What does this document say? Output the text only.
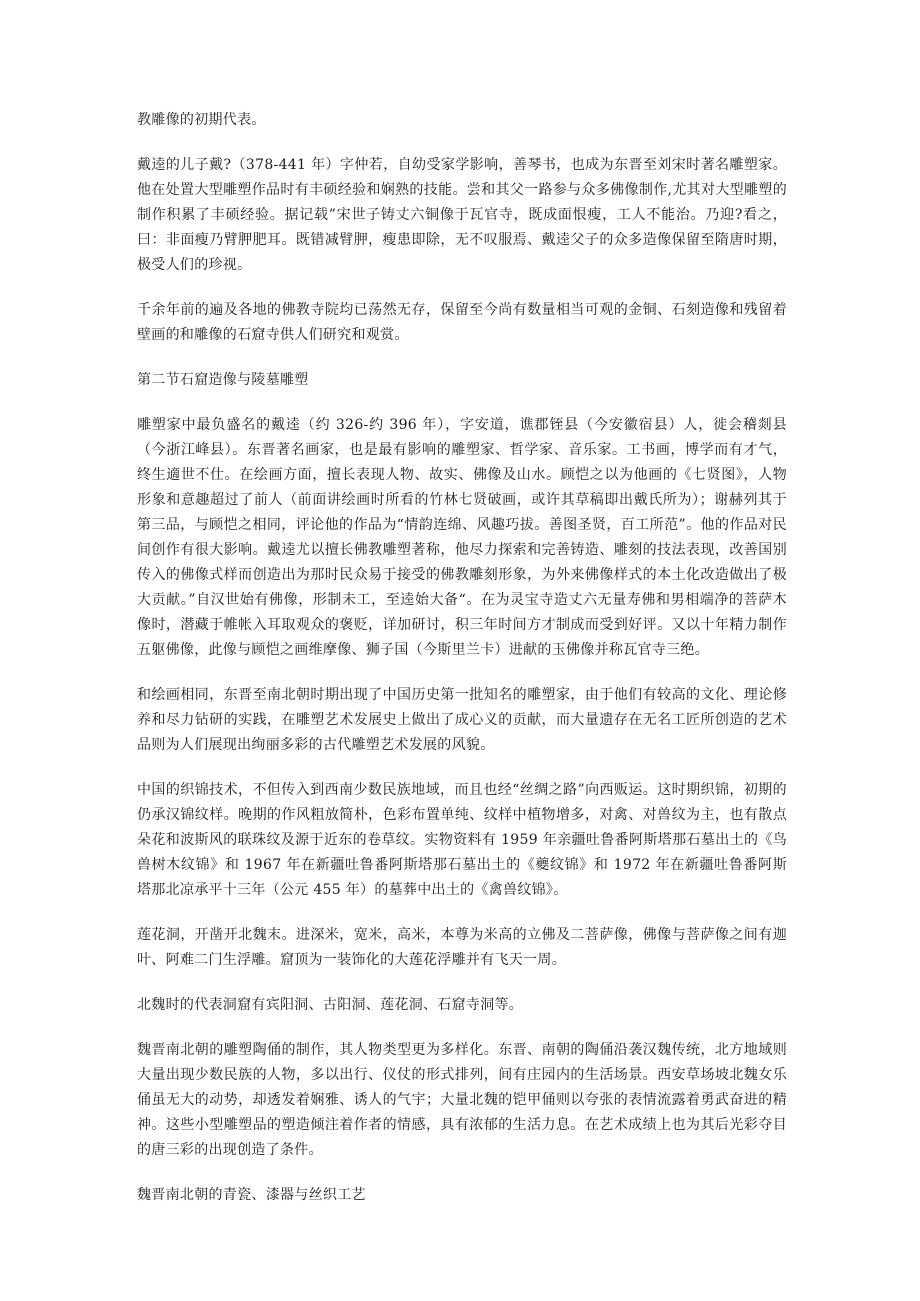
教雕像的初期代表。

戴逵的儿子戴?（378-441 年）字仲若，自幼受家学影响，善琴书，也成为东晋至刘宋时著名雕塑家。他在处置大型雕塑作品时有丰硕经验和娴熟的技能。尝和其父一路参与众多佛像制作,尤其对大型雕塑的制作积累了丰硕经验。据记载”宋世子铸丈六铜像于瓦官寺，既成面恨瘦，工人不能治。乃迎?看之，曰：非面瘦乃臂胛肥耳。既错减臂胛，瘦患即除，无不叹服焉、戴逵父子的众多造像保留至隋唐时期，极受人们的珍视。

千余年前的遍及各地的佛教寺院均已荡然无存，保留至今尚有数量相当可观的金铜、石刻造像和残留着壁画的和雕像的石窟寺供人们研究和观赏。

第二节石窟造像与陵墓雕塑

雕塑家中最负盛名的戴逵（约 326-约 396 年），字安道，谯郡铚县（今安徽宿县）人，徙会稽剡县（今浙江峰县）。东晋著名画家，也是最有影响的雕塑家、哲学家、音乐家。工书画，博学而有才气，终生適世不仕。在绘画方面，擅长表现人物、故实、佛像及山水。顾恺之以为他画的《七贤图》，人物形象和意趣超过了前人（前面讲绘画时所看的竹林七贤破画，或许其草稿即出戴氏所为）；谢赫列其于第三品，与顾恺之相同，评论他的作品为“情韵连绵、风趣巧拔。善图圣贤，百工所范”。他的作品对民间创作有很大影响。戴逵尤以擅长佛教雕塑著称，他尽力探索和完善铸造、雕刻的技法表现，改善国别传入的佛像式样而创造出为那时民众易于接受的佛教雕刻形象，为外来佛像样式的本土化改造做出了极大贡献。”自汉世始有佛像，形制未工，至逵始大备“。在为灵宝寺造丈六无量寿佛和男相端净的菩萨木像时，潜藏于帷帐入耳取观众的褒贬，详加研讨，积三年时间方才制成而受到好评。又以十年精力制作五躯佛像，此像与顾恺之画维摩像、狮子国（今斯里兰卡）进献的玉佛像并称瓦官寺三绝。

和绘画相同，东晋至南北朝时期出现了中国历史第一批知名的雕塑家，由于他们有较高的文化、理论修养和尽力钻研的实践，在雕塑艺术发展史上做出了成心义的贡献，而大量遗存在无名工匠所创造的艺术品则为人们展现出绚丽多彩的古代雕塑艺术发展的风貌。

中国的织锦技术，不但传入到西南少数民族地域，而且也经“丝绸之路”向西贩运。这时期织锦，初期的仍承汉锦纹样。晚期的作风粗放简朴，色彩布置单纯、纹样中植物增多，对禽、对兽纹为主，也有散点朵花和波斯风的联珠纹及源于近东的卷草纹。实物资料有 1959 年亲疆吐鲁番阿斯塔那石墓出土的《鸟兽树木纹锦》和 1967 年在新疆吐鲁番阿斯塔那石墓出土的《夔纹锦》和 1972 年在新疆吐鲁番阿斯塔那北凉承平十三年（公元 455 年）的墓葬中出土的《禽兽纹锦》。

莲花洞，开凿开北魏末。进深米，宽米，高米，本尊为米高的立佛及二菩萨像，佛像与菩萨像之间有迦叶、阿难二门生浮雕。窟顶为一装饰化的大莲花浮雕并有飞天一周。

北魏时的代表洞窟有宾阳洞、古阳洞、莲花洞、石窟寺洞等。

魏晋南北朝的雕塑陶俑的制作，其人物类型更为多样化。东晋、南朝的陶俑沿袭汉魏传统，北方地域则大量出现少数民族的人物，多以出行、仪仗的形式排列，间有庄园内的生活场景。西安草场坡北魏女乐俑虽无大的动势，却透发着娴雅、诱人的气宇；大量北魏的铠甲俑则以夸张的表情流露着勇武奋进的精神。这些小型雕塑品的塑造倾注着作者的情感，具有浓郁的生活力息。在艺术成绩上也为其后光彩夺目的唐三彩的出现创造了条件。

魏晋南北朝的青瓷、漆器与丝织工艺
